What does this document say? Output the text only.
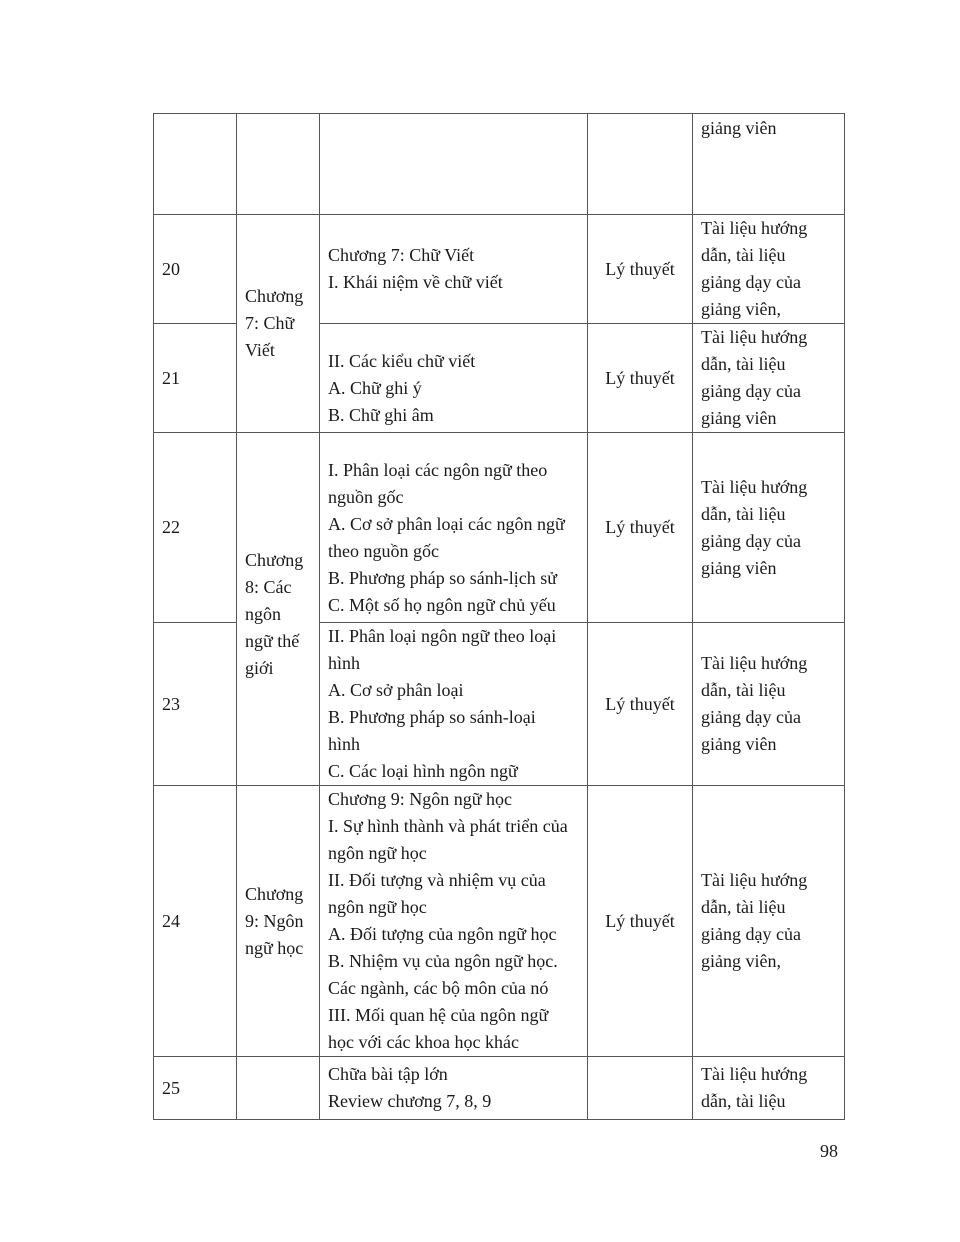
giảng viên
20
Chương 7: Chữ Viết
I. Khái niệm về chữ viết
Lý thuyết
Tài liệu hướng
dẫn, tài liệu
giảng dạy của
giảng viên,
21
II. Các kiểu chữ viết
A. Chữ ghi ý
B. Chữ ghi âm
Lý thuyết
Tài liệu hướng
dẫn, tài liệu
giảng dạy của
giảng viên
Chương
7: Chữ
Viết
22
I. Phân loại các ngôn ngữ theo
nguồn gốc
A. Cơ sở phân loại các ngôn ngữ
theo nguồn gốc
B. Phương pháp so sánh-lịch sử
C. Một số họ ngôn ngữ chủ yếu
Lý thuyết
Tài liệu hướng
dẫn, tài liệu
giảng dạy của
giảng viên
23
II. Phân loại ngôn ngữ theo loại
hình
A. Cơ sở phân loại
B. Phương pháp so sánh-loại
hình
C. Các loại hình ngôn ngữ
Lý thuyết
Tài liệu hướng
dẫn, tài liệu
giảng dạy của
giảng viên
Chương
8: Các
ngôn
ngữ thế
giới
24
Chương
9: Ngôn
ngữ học
Chương 9: Ngôn ngữ học
I. Sự hình thành và phát triển của
ngôn ngữ học
II. Đối tượng và nhiệm vụ của
ngôn ngữ học
A. Đối tượng của ngôn ngữ học
B. Nhiệm vụ của ngôn ngữ học.
Các ngành, các bộ môn của nó
III. Mối quan hệ của ngôn ngữ
học với các khoa học khác
Lý thuyết
Tài liệu hướng
dẫn, tài liệu
giảng dạy của
giảng viên,
25
Chữa bài tập lớn
Review chương 7, 8, 9
Tài liệu hướng
dẫn, tài liệu
98
